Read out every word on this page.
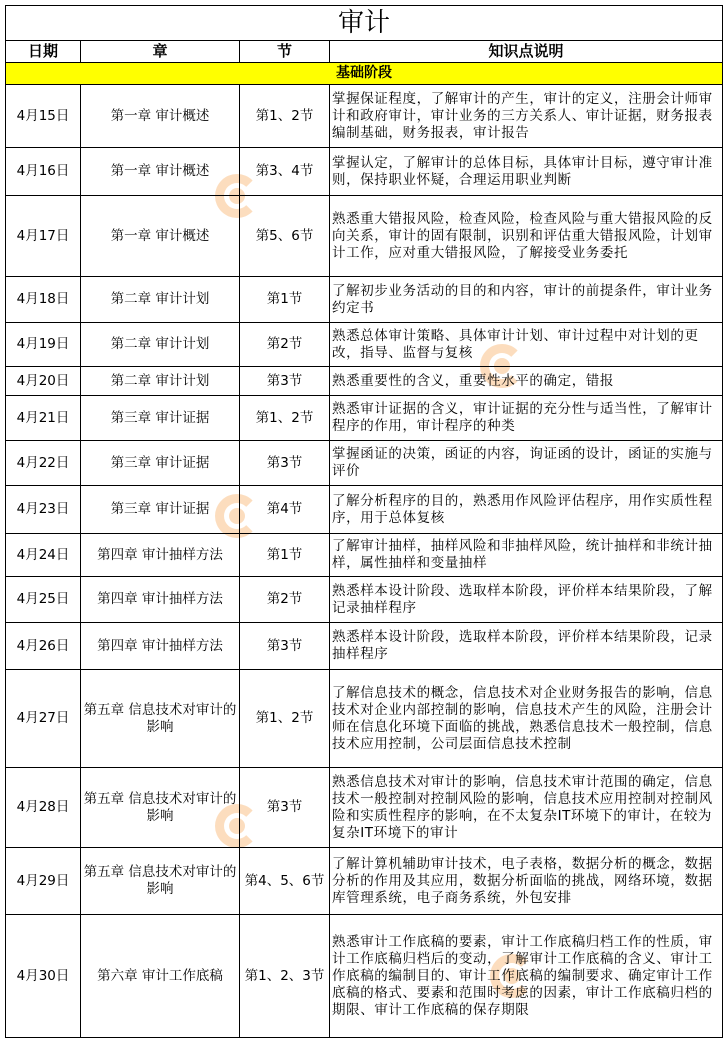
审计			
日期	章	节	知识点说明
基础阶段			
4月15日	第一章 审计概述	第1、2节	掌握保证程度，了解审计的产生，审计的定义，注册会计师审计和政府审计，审计业务的三方关系人、审计证据，财务报表编制基础，财务报表，审计报告
4月16日	第一章 审计概述	第3、4节	掌握认定，了解审计的总体目标，具体审计目标，遵守审计准则，保持职业怀疑，合理运用职业判断
4月17日	第一章 审计概述	第5、6节	熟悉重大错报风险，检查风险，检查风险与重大错报风险的反向关系，审计的固有限制，识别和评估重大错报风险，计划审计工作，应对重大错报风险，了解接受业务委托
4月18日	第二章 审计计划	第1节	了解初步业务活动的目的和内容，审计的前提条件，审计业务约定书
4月19日	第二章 审计计划	第2节	熟悉总体审计策略、具体审计计划、审计过程中对计划的更改，指导、监督与复核
4月20日	第二章 审计计划	第3节	熟悉重要性的含义，重要性水平的确定，错报
4月21日	第三章 审计证据	第1、2节	熟悉审计证据的含义，审计证据的充分性与适当性，了解审计程序的作用，审计程序的种类
4月22日	第三章 审计证据	第3节	掌握函证的决策，函证的内容，询证函的设计，函证的实施与评价
4月23日	第三章 审计证据	第4节	了解分析程序的目的，熟悉用作风险评估程序，用作实质性程序，用于总体复核
4月24日	第四章 审计抽样方法	第1节	了解审计抽样，抽样风险和非抽样风险，统计抽样和非统计抽样，属性抽样和变量抽样
4月25日	第四章 审计抽样方法	第2节	熟悉样本设计阶段、选取样本阶段，评价样本结果阶段，了解记录抽样程序
4月26日	第四章 审计抽样方法	第3节	熟悉样本设计阶段，选取样本阶段，评价样本结果阶段，记录抽样程序
4月27日	第五章 信息技术对审计的影响	第1、2节	了解信息技术的概念，信息技术对企业财务报告的影响，信息技术对企业内部控制的影响，信息技术产生的风险，注册会计师在信息化环境下面临的挑战，熟悉信息技术一般控制，信息技术应用控制，公司层面信息技术控制
4月28日	第五章 信息技术对审计的影响	第3节	熟悉信息技术对审计的影响，信息技术审计范围的确定，信息技术一般控制对控制风险的影响，信息技术应用控制对控制风险和实质性程序的影响，在不太复杂IT环境下的审计，在较为复杂IT环境下的审计
4月29日	第五章 信息技术对审计的影响	第4、5、6节	了解计算机辅助审计技术，电子表格，数据分析的概念，数据分析的作用及其应用，数据分析面临的挑战，网络环境，数据库管理系统，电子商务系统，外包安排
4月30日	第六章 审计工作底稿	第1、2、3节	熟悉审计工作底稿的要素，审计工作底稿归档工作的性质，审计工作底稿归档后的变动，了解审计工作底稿的含义、审计工作底稿的编制目的、审计工作底稿的编制要求、确定审计工作底稿的格式、要素和范围时考虑的因素，审计工作底稿归档的期限、审计工作底稿的保存期限
